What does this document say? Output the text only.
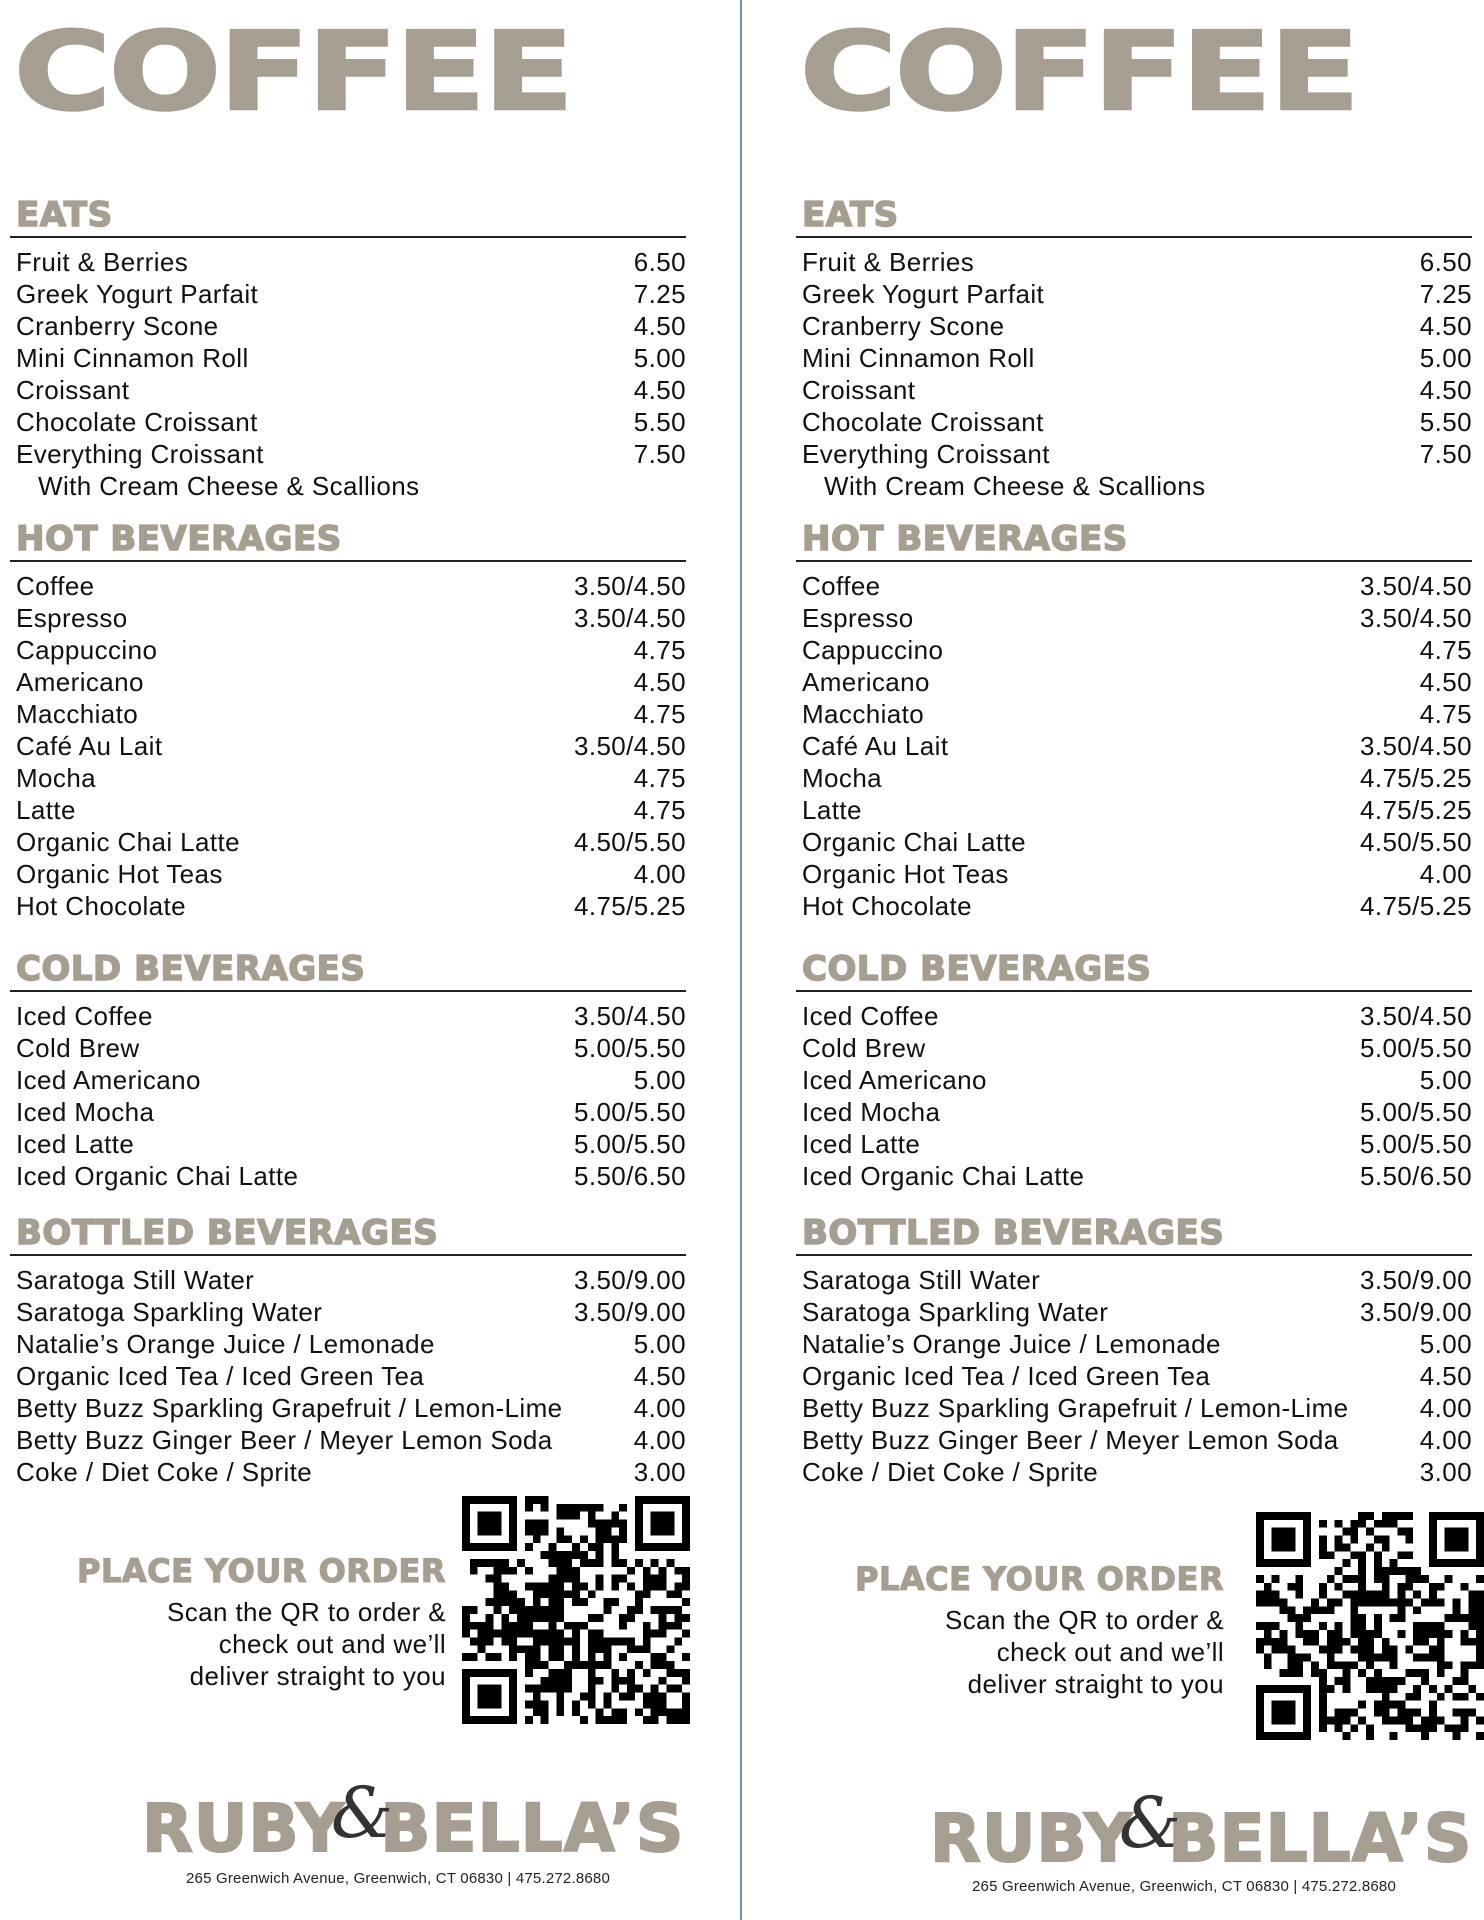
COFFEE
EATS
Fruit & Berries	6.50
Greek Yogurt Parfait	7.25
Cranberry Scone	4.50
Mini Cinnamon Roll	5.00
Croissant	4.50
Chocolate Croissant	5.50
Everything Croissant	7.50
With Cream Cheese & Scallions
HOT BEVERAGES
Coffee	3.50/4.50
Espresso	3.50/4.50
Cappuccino	4.75
Americano	4.50
Macchiato	4.75
Café Au Lait	3.50/4.50
Mocha	4.75
Latte	4.75
Organic Chai Latte	4.50/5.50
Organic Hot Teas	4.00
Hot Chocolate	4.75/5.25
COLD BEVERAGES
Iced Coffee	3.50/4.50
Cold Brew	5.00/5.50
Iced Americano	5.00
Iced Mocha	5.00/5.50
Iced Latte	5.00/5.50
Iced Organic Chai Latte	5.50/6.50
BOTTLED BEVERAGES
Saratoga Still Water	3.50/9.00
Saratoga Sparkling Water	3.50/9.00
Natalie’s Orange Juice / Lemonade	5.00
Organic Iced Tea / Iced Green Tea	4.50
Betty Buzz Sparkling Grapefruit / Lemon-Lime	4.00
Betty Buzz Ginger Beer / Meyer Lemon Soda	4.00
Coke / Diet Coke / Sprite	3.00
PLACE YOUR ORDER
Scan the QR to order &
check out and we’ll
deliver straight to you
RUBY&BELLA’S
265 Greenwich Avenue, Greenwich, CT 06830 | 475.272.8680
COFFEE
EATS
Fruit & Berries	6.50
Greek Yogurt Parfait	7.25
Cranberry Scone	4.50
Mini Cinnamon Roll	5.00
Croissant	4.50
Chocolate Croissant	5.50
Everything Croissant	7.50
With Cream Cheese & Scallions
HOT BEVERAGES
Coffee	3.50/4.50
Espresso	3.50/4.50
Cappuccino	4.75
Americano	4.50
Macchiato	4.75
Café Au Lait	3.50/4.50
Mocha	4.75/5.25
Latte	4.75/5.25
Organic Chai Latte	4.50/5.50
Organic Hot Teas	4.00
Hot Chocolate	4.75/5.25
COLD BEVERAGES
Iced Coffee	3.50/4.50
Cold Brew	5.00/5.50
Iced Americano	5.00
Iced Mocha	5.00/5.50
Iced Latte	5.00/5.50
Iced Organic Chai Latte	5.50/6.50
BOTTLED BEVERAGES
Saratoga Still Water	3.50/9.00
Saratoga Sparkling Water	3.50/9.00
Natalie’s Orange Juice / Lemonade	5.00
Organic Iced Tea / Iced Green Tea	4.50
Betty Buzz Sparkling Grapefruit / Lemon-Lime	4.00
Betty Buzz Ginger Beer / Meyer Lemon Soda	4.00
Coke / Diet Coke / Sprite	3.00
PLACE YOUR ORDER
Scan the QR to order &
check out and we’ll
deliver straight to you
RUBY&BELLA’S
265 Greenwich Avenue, Greenwich, CT 06830 | 475.272.8680
